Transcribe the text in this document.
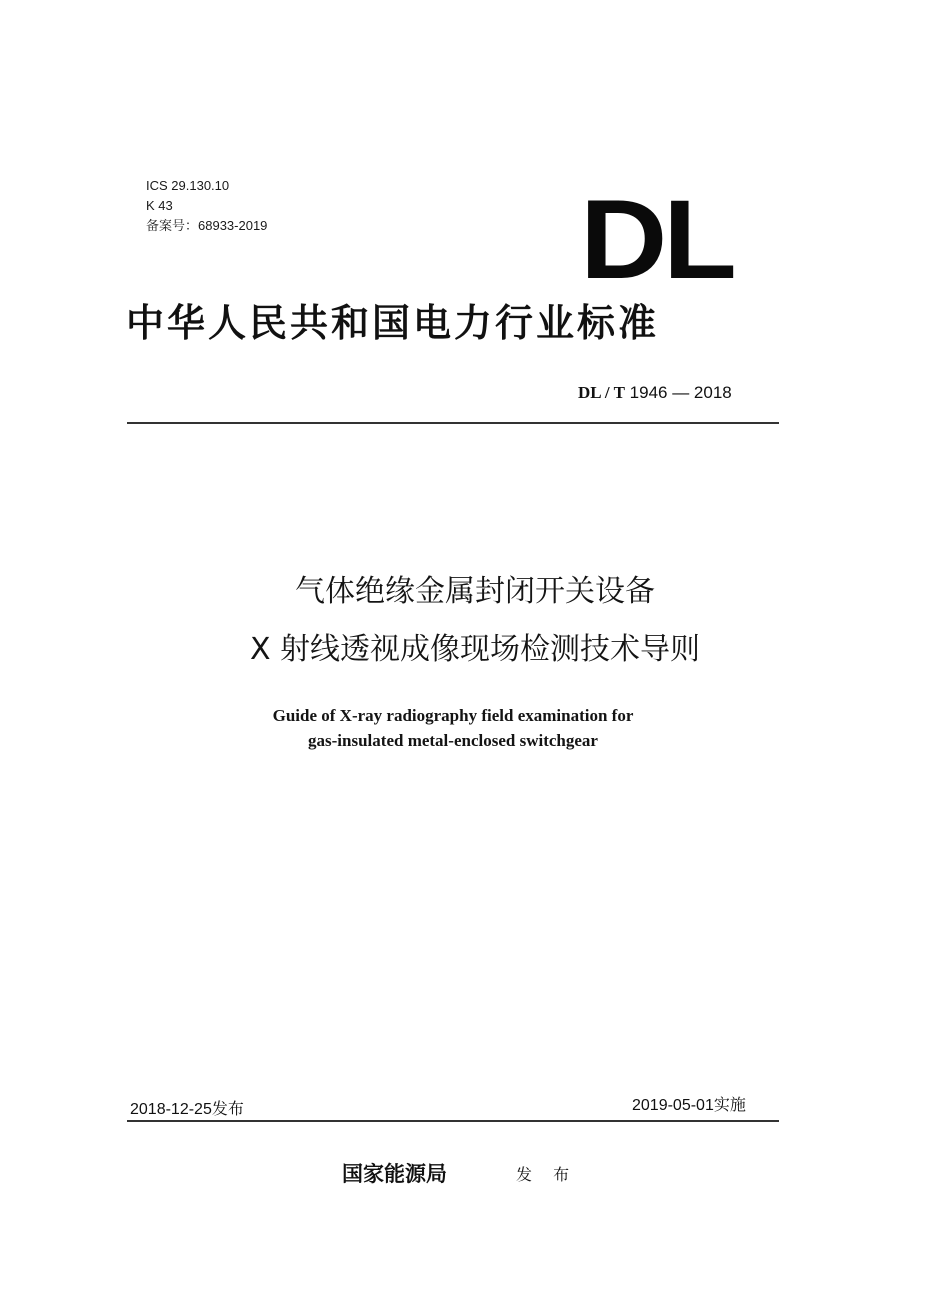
ICS 29.130.10
K 43
备案号：68933-2019	DL
中华人民共和国电力行业标准
DL / T 1946 — 2018
气体绝缘金属封闭开关设备
X 射线透视成像现场检测技术导则
Guide of X-ray radiography field examination for
gas-insulated metal-enclosed switchgear
2018-12-25发布	2019-05-01实施
国家能源局	发 布
